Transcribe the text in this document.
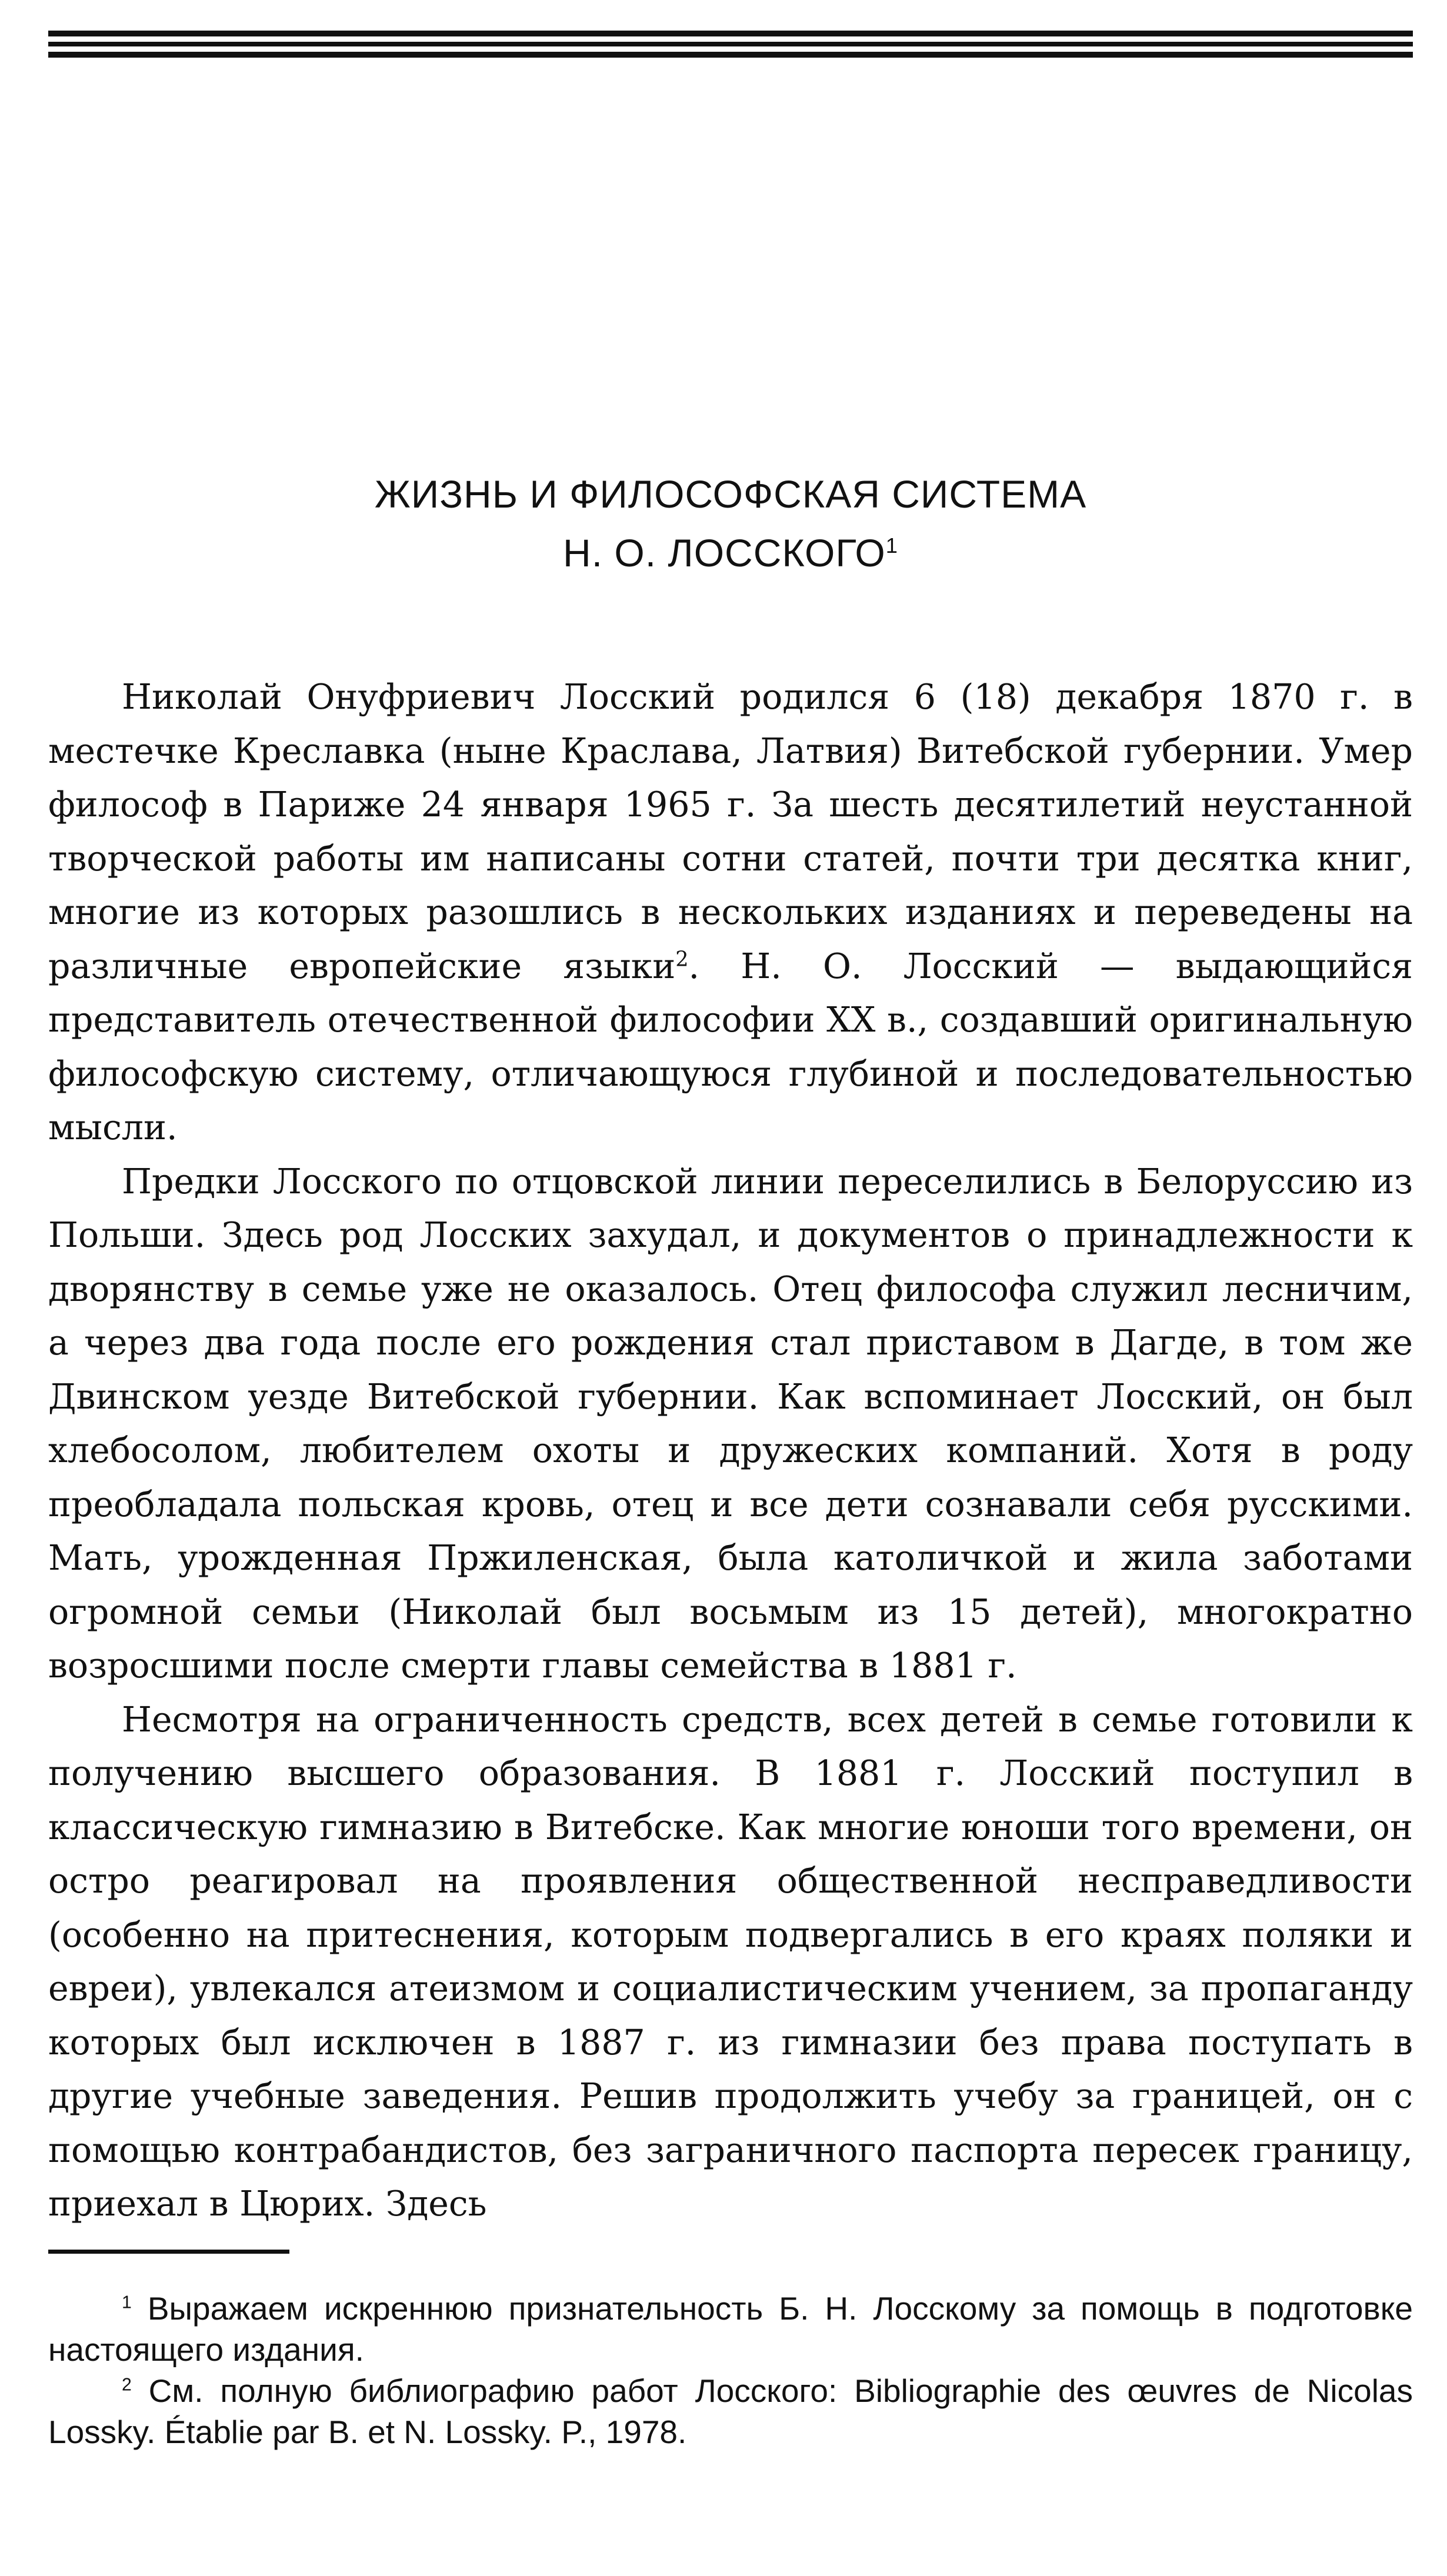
ЖИЗНЬ И ФИЛОСОФСКАЯ СИСТЕМА
Н. О. ЛОССКОГО$^1$

Николай Онуфриевич Лосский родился 6 (18) декабря 1870 г. в местечке Креславка (ныне Краслава, Латвия) Витебской губернии. Умер философ в Париже 24 января 1965 г. За шесть десятилетий неустанной творческой работы им написаны сотни статей, почти три десятка книг, многие из которых разошлись в нескольких изданиях и переведены на различные европейские языки$^2$. Н. О. Лосский — выдающийся представитель отечественной философии XX в., создавший оригинальную философскую систему, отличающуюся глубиной и последовательностью мысли.

Предки Лосского по отцовской линии переселились в Белоруссию из Польши. Здесь род Лосских захудал, и документов о принадлежности к дворянству в семье уже не оказалось. Отец философа служил лесничим, а через два года после его рождения стал приставом в Дагде, в том же Двинском уезде Витебской губернии. Как вспоминает Лосский, он был хлебосолом, любителем охоты и дружеских компаний. Хотя в роду преобладала польская кровь, отец и все дети сознавали себя русскими. Мать, урожденная Пржиленская, была католичкой и жила заботами огромной семьи (Николай был восьмым из 15 детей), многократно возросшими после смерти главы семейства в 1881 г.

Несмотря на ограниченность средств, всех детей в семье готовили к получению высшего образования. В 1881 г. Лосский поступил в классическую гимназию в Витебске. Как многие юноши того времени, он остро реагировал на проявления общественной несправедливости (особенно на притеснения, которым подвергались в его краях поляки и евреи), увлекался атеизмом и социалистическим учением, за пропаганду которых был исключен в 1887 г. из гимназии без права поступать в другие учебные заведения. Решив продолжить учебу за границей, он с помощью контрабандистов, без заграничного паспорта пересек границу, приехал в Цюрих. Здесь

$^1$ Выражаем искреннюю признательность Б. Н. Лосскому за помощь в подготовке настоящего издания.

$^2$ См. полную библиографию работ Лосского: Bibliographie des œuvres de Nicolas Lossky. Établie par B. et N. Lossky. P., 1978.
